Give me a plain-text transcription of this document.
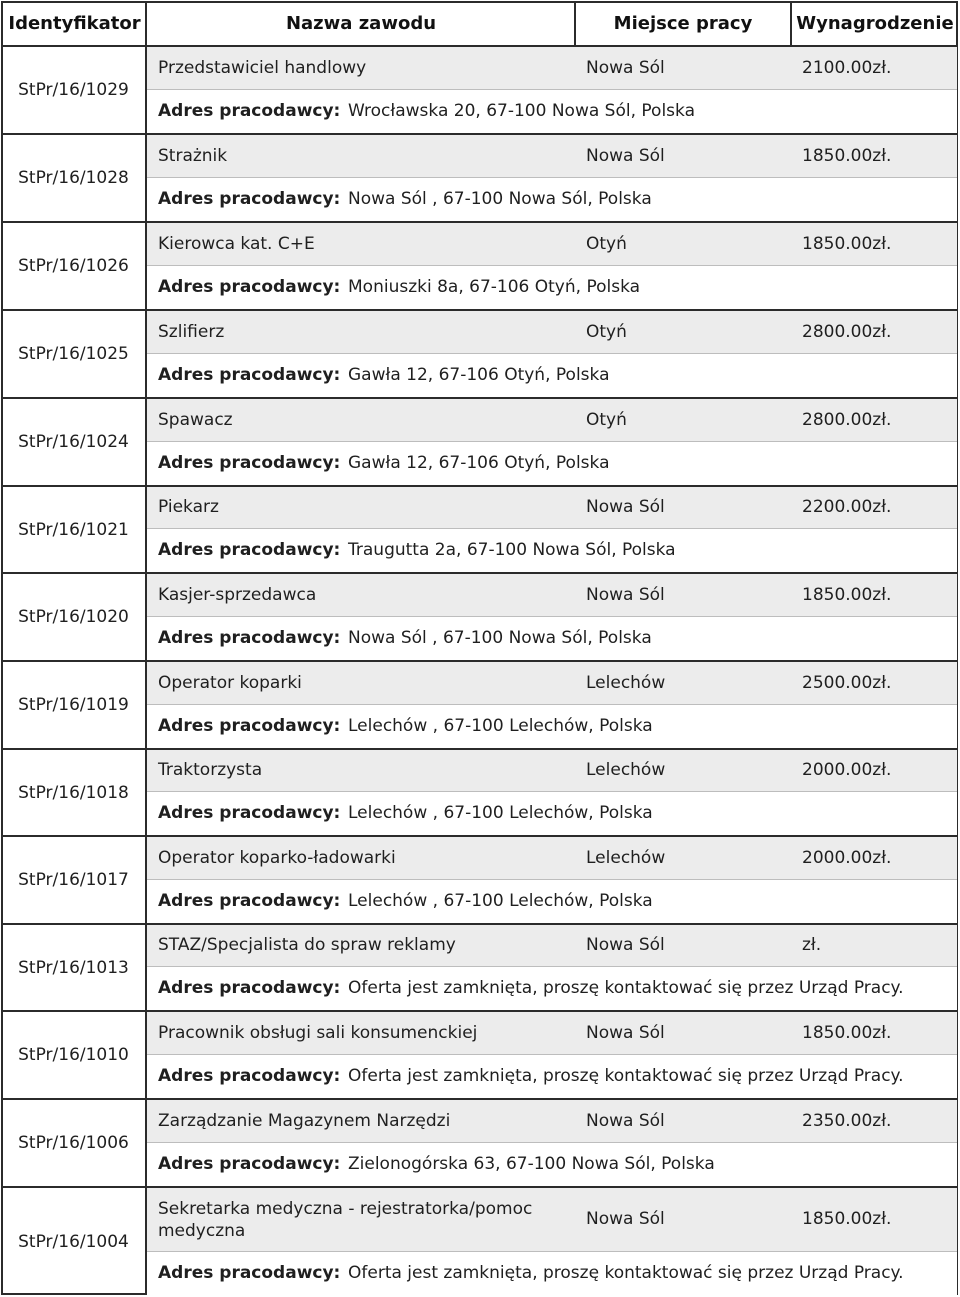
Identyfikator	Nazwa zawodu	Miejsce pracy	Wynagrodzenie
StPr/16/1029
Przedstawiciel handlowy	Nowa Sól	2100.00zł.
Adres pracodawcy: Wrocławska 20, 67-100 Nowa Sól, Polska
StPr/16/1028
Strażnik	Nowa Sól	1850.00zł.
Adres pracodawcy: Nowa Sól , 67-100 Nowa Sól, Polska
StPr/16/1026
Kierowca kat. C+E	Otyń	1850.00zł.
Adres pracodawcy: Moniuszki 8a, 67-106 Otyń, Polska
StPr/16/1025
Szlifierz	Otyń	2800.00zł.
Adres pracodawcy: Gawła 12, 67-106 Otyń, Polska
StPr/16/1024
Spawacz	Otyń	2800.00zł.
Adres pracodawcy: Gawła 12, 67-106 Otyń, Polska
StPr/16/1021
Piekarz	Nowa Sól	2200.00zł.
Adres pracodawcy: Traugutta 2a, 67-100 Nowa Sól, Polska
StPr/16/1020
Kasjer-sprzedawca	Nowa Sól	1850.00zł.
Adres pracodawcy: Nowa Sól , 67-100 Nowa Sól, Polska
StPr/16/1019
Operator koparki	Lelechów	2500.00zł.
Adres pracodawcy: Lelechów , 67-100 Lelechów, Polska
StPr/16/1018
Traktorzysta	Lelechów	2000.00zł.
Adres pracodawcy: Lelechów , 67-100 Lelechów, Polska
StPr/16/1017
Operator koparko-ładowarki	Lelechów	2000.00zł.
Adres pracodawcy: Lelechów , 67-100 Lelechów, Polska
StPr/16/1013
STAZ/Specjalista do spraw reklamy	Nowa Sól	zł.
Adres pracodawcy: Oferta jest zamknięta, proszę kontaktować się przez Urząd Pracy.
StPr/16/1010
Pracownik obsługi sali konsumenckiej	Nowa Sól	1850.00zł.
Adres pracodawcy: Oferta jest zamknięta, proszę kontaktować się przez Urząd Pracy.
StPr/16/1006
Zarządzanie Magazynem Narzędzi	Nowa Sól	2350.00zł.
Adres pracodawcy: Zielonogórska 63, 67-100 Nowa Sól, Polska
StPr/16/1004
Sekretarka medyczna - rejestratorka/pomoc medyczna
Nowa Sól	1850.00zł.
Adres pracodawcy: Oferta jest zamknięta, proszę kontaktować się przez Urząd Pracy.
